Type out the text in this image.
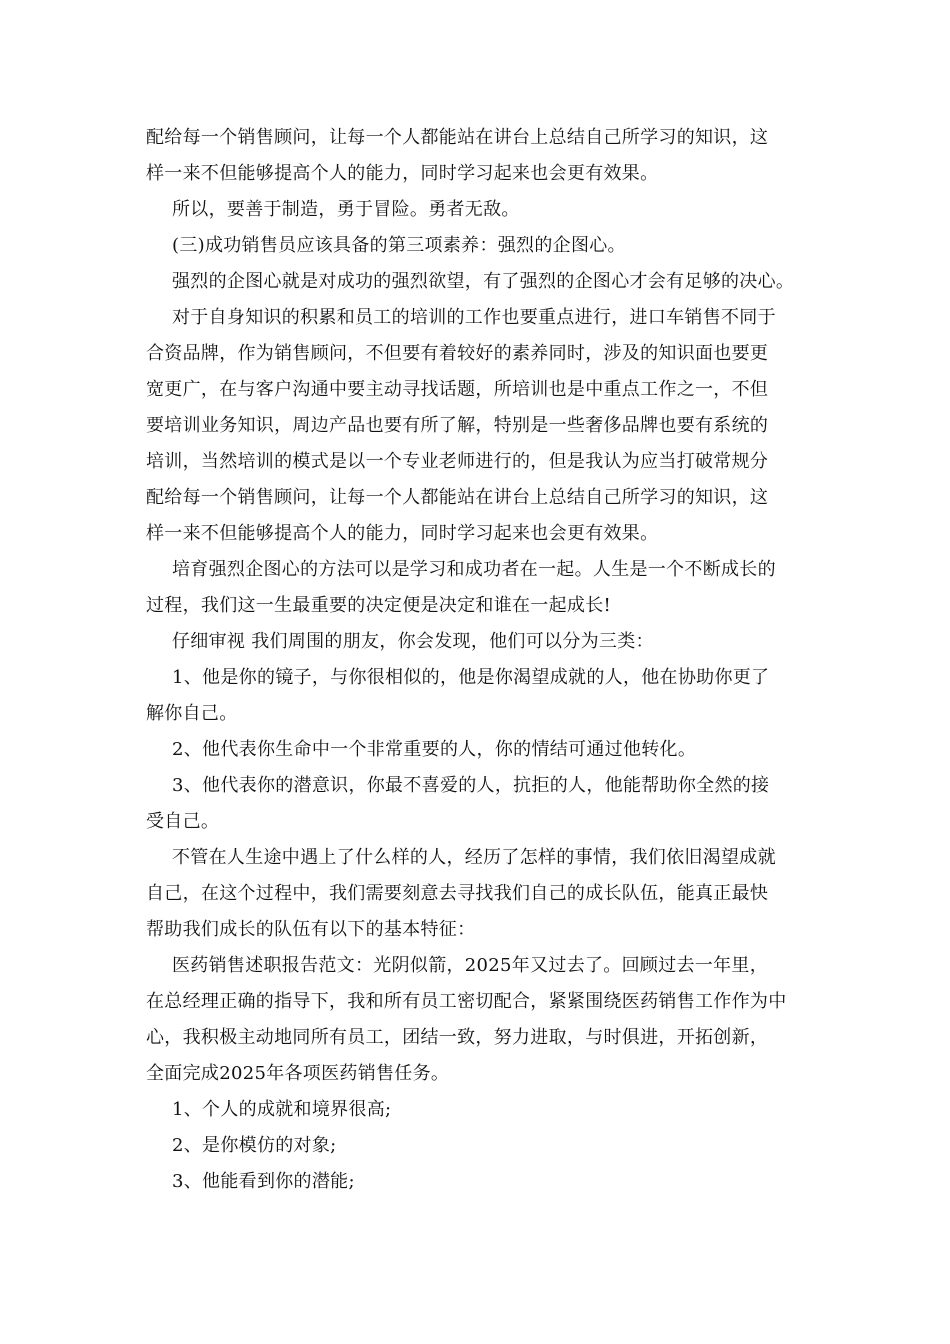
配给每一个销售顾问，让每一个人都能站在讲台上总结自己所学习的知识，这
样一来不但能够提高个人的能力，同时学习起来也会更有效果。
所以，要善于制造，勇于冒险。勇者无敌。
(三)成功销售员应该具备的第三项素养：强烈的企图心。
强烈的企图心就是对成功的强烈欲望，有了强烈的企图心才会有足够的决心。
对于自身知识的积累和员工的培训的工作也要重点进行，进口车销售不同于
合资品牌，作为销售顾问，不但要有着较好的素养同时，涉及的知识面也要更
宽更广，在与客户沟通中要主动寻找话题，所培训也是中重点工作之一，不但
要培训业务知识，周边产品也要有所了解，特别是一些奢侈品牌也要有系统的
培训，当然培训的模式是以一个专业老师进行的，但是我认为应当打破常规分
配给每一个销售顾问，让每一个人都能站在讲台上总结自己所学习的知识，这
样一来不但能够提高个人的能力，同时学习起来也会更有效果。
培育强烈企图心的方法可以是学习和成功者在一起。人生是一个不断成长的
过程，我们这一生最重要的决定便是决定和谁在一起成长!
仔细审视 我们周围的朋友，你会发现，他们可以分为三类：
1、他是你的镜子，与你很相似的，他是你渴望成就的人，他在协助你更了
解你自己。
2、他代表你生命中一个非常重要的人，你的情结可通过他转化。
3、他代表你的潜意识，你最不喜爱的人，抗拒的人，他能帮助你全然的接
受自己。
不管在人生途中遇上了什么样的人，经历了怎样的事情，我们依旧渴望成就
自己，在这个过程中，我们需要刻意去寻找我们自己的成长队伍，能真正最快
帮助我们成长的队伍有以下的基本特征：
医药销售述职报告范文：光阴似箭，2025年又过去了。回顾过去一年里，
在总经理正确的指导下，我和所有员工密切配合，紧紧围绕医药销售工作作为中
心，我积极主动地同所有员工，团结一致，努力进取，与时俱进，开拓创新，
全面完成2025年各项医药销售任务。
1、个人的成就和境界很高;
2、是你模仿的对象;
3、他能看到你的潜能;
